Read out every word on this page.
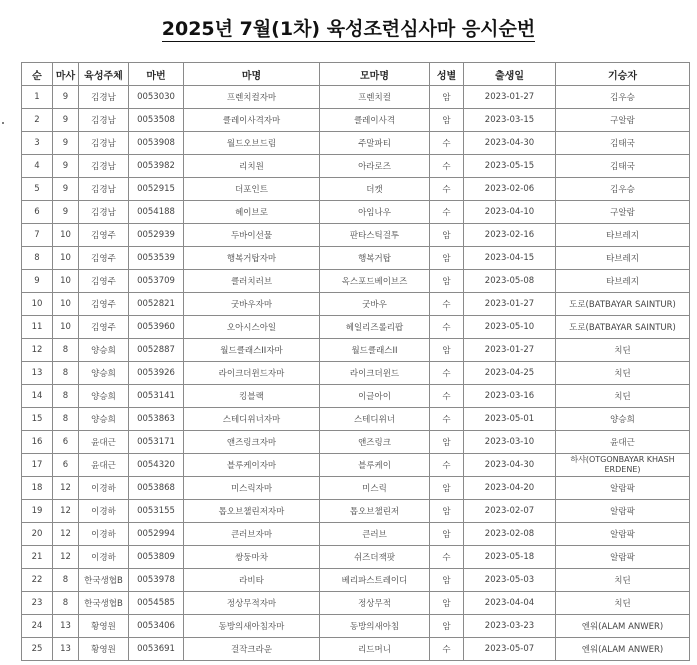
2025년 7월(1차) 육성조련심사마 응시순번
순	마사	육성주체	마번	마명	모마명	성별	출생일	기승자
1	9	김경남	0053030	프렌치컬자마	프렌치컬	암	2023-01-27	김우승
2	9	김경남	0053508	클레이사격자마	클레이사격	암	2023-03-15	구알람
3	9	김경남	0053908	월드오브드림	주말파티	수	2023-04-30	김태국
4	9	김경남	0053982	리치원	아라로즈	수	2023-05-15	김태국
5	9	김경남	0052915	더포인트	더캣	수	2023-02-06	김우승
6	9	김경남	0054188	헤이브로	아임나우	수	2023-04-10	구알람
7	10	김영주	0052939	두바이선물	판타스틱걸투	암	2023-02-16	타브레지
8	10	김영주	0053539	행복거탑자마	행복거탑	암	2023-04-15	타브레지
9	10	김영주	0053709	클러치러브	옥스포드베이브즈	암	2023-05-08	타브레지
10	10	김영주	0052821	굿바우자마	굿바우	수	2023-01-27	도로(BATBAYAR SAINTUR)
11	10	김영주	0053960	오아시스아일	헤일리즈롤리팝	수	2023-05-10	도로(BATBAYAR SAINTUR)
12	8	양승희	0052887	월드클래스II자마	월드클래스II	암	2023-01-27	치딘
13	8	양승희	0053926	라이크더윈드자마	라이크더윈드	수	2023-04-25	치딘
14	8	양승희	0053141	킹블랙	이글아이	수	2023-03-16	치딘
15	8	양승희	0053863	스테디위너자마	스테디위너	수	2023-05-01	양승희
16	6	윤대근	0053171	앤즈링크자마	앤즈링크	암	2023-03-10	윤대근
17	6	윤대근	0054320	블루케이자마	블루케이	수	2023-04-30	하샤(OTGONBAYAR KHASH ERDENE)
18	12	이경하	0053868	미스릭자마	미스릭	암	2023-04-20	알람팍
19	12	이경하	0053155	톱오브챌린저자마	톱오브챌린저	암	2023-02-07	알람팍
20	12	이경하	0052994	큰러브자마	큰러브	암	2023-02-08	알람팍
21	12	이경하	0053809	쌍둥마차	쉬즈더잭팟	수	2023-05-18	알람팍
22	8	한국생협B	0053978	라비타	베리파스트레이디	암	2023-05-03	치딘
23	8	한국생협B	0054585	정상무적자마	정상무적	암	2023-04-04	치딘
24	13	황영원	0053406	동방의새아침자마	동방의새아침	암	2023-03-23	엔워(ALAM ANWER)
25	13	황영원	0053691	걸작크라운	리드머니	수	2023-05-07	엔워(ALAM ANWER)
